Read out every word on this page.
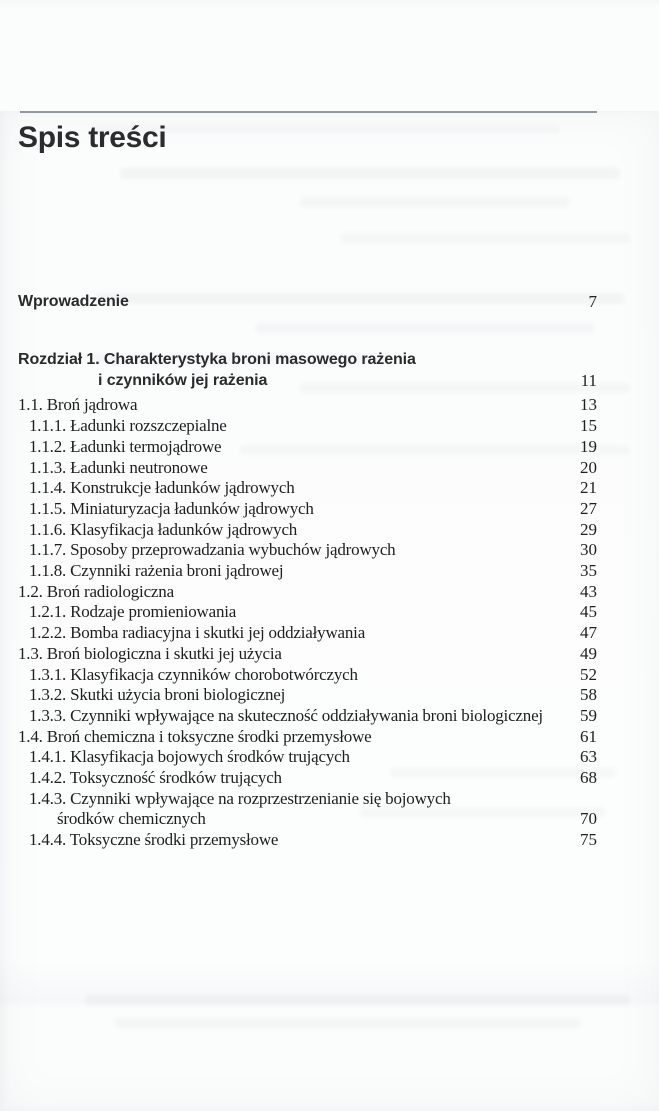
Spis treści
Wprowadzenie	7
Rozdział 1. Charakterystyka broni masowego rażenia
i czynników jej rażenia	11
1.1. Broń jądrowa	13
1.1.1. Ładunki rozszczepialne	15
1.1.2. Ładunki termojądrowe	19
1.1.3. Ładunki neutronowe	20
1.1.4. Konstrukcje ładunków jądrowych	21
1.1.5. Miniaturyzacja ładunków jądrowych	27
1.1.6. Klasyfikacja ładunków jądrowych	29
1.1.7. Sposoby przeprowadzania wybuchów jądrowych	30
1.1.8. Czynniki rażenia broni jądrowej	35
1.2. Broń radiologiczna	43
1.2.1. Rodzaje promieniowania	45
1.2.2. Bomba radiacyjna i skutki jej oddziaływania	47
1.3. Broń biologiczna i skutki jej użycia	49
1.3.1. Klasyfikacja czynników chorobotwórczych	52
1.3.2. Skutki użycia broni biologicznej	58
1.3.3. Czynniki wpływające na skuteczność oddziaływania broni biologicznej	59
1.4. Broń chemiczna i toksyczne środki przemysłowe	61
1.4.1. Klasyfikacja bojowych środków trujących	63
1.4.2. Toksyczność środków trujących	68
1.4.3. Czynniki wpływające na rozprzestrzenianie się bojowych
środków chemicznych	70
1.4.4. Toksyczne środki przemysłowe	75
